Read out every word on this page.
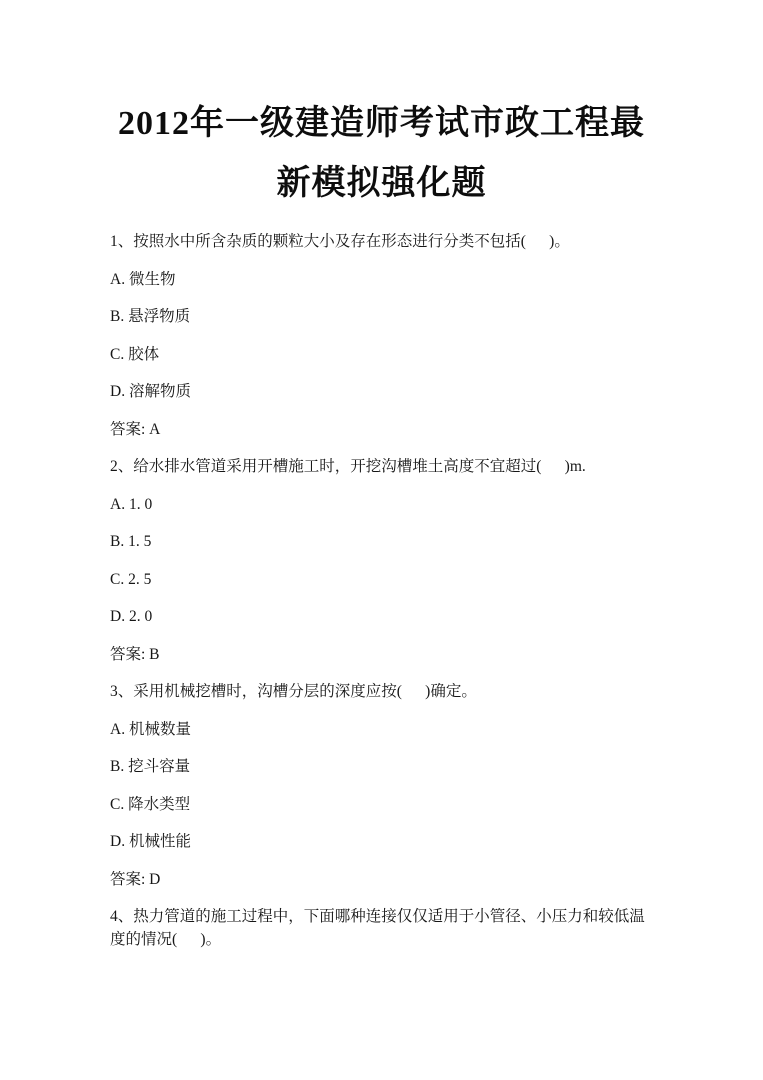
2012年一级建造师考试市政工程最
新模拟强化题

1、按照水中所含杂质的颗粒大小及存在形态进行分类不包括(      )。

A. 微生物

B. 悬浮物质

C. 胶体

D. 溶解物质

答案: A

2、给水排水管道采用开槽施工时，开挖沟槽堆土高度不宜超过(      )m.

A. 1. 0

B. 1. 5

C. 2. 5

D. 2. 0

答案: B

3、采用机械挖槽时，沟槽分层的深度应按(      )确定。

A. 机械数量

B. 挖斗容量

C. 降水类型

D. 机械性能

答案: D

4、热力管道的施工过程中，下面哪种连接仅仅适用于小管径、小压力和较低温度的情况(      )。
